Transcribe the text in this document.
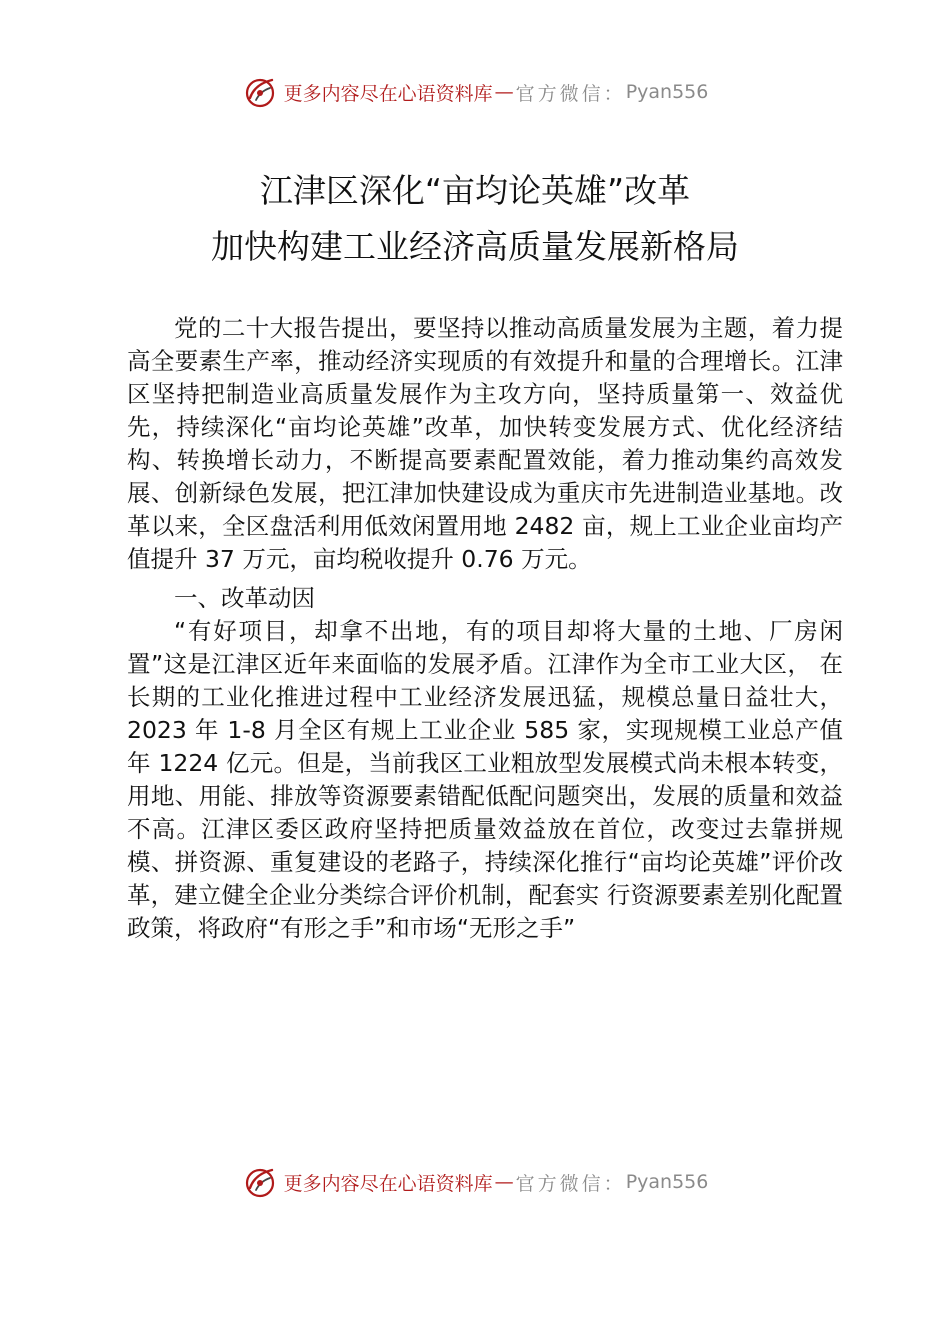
更多内容尽在心语资料库 — 官方微信： Pyan556
江津区深化“亩均论英雄”改革
加快构建工业经济高质量发展新格局

党的二十大报告提出，要坚持以推动高质量发展为主题，着力提高全要素生产率，推动经济实现质的有效提升和量的合理增长。江津区坚持把制造业高质量发展作为主攻方向，坚持质量第一、效益优先，持续深化“亩均论英雄”改革，加快转变发展方式、优化经济结构、转换增长动力，不断提高要素配置效能，着力推动集约高效发展、创新绿色发展，把江津加快建设成为重庆市先进制造业基地。改革以来，全区盘活利用低效闲置用地 2482 亩，规上工业企业亩均产值提升 37 万元，亩均税收提升 0.76 万元。

一、改革动因

“有好项目，却拿不出地，有的项目却将大量的土地、厂房闲置”这是江津区近年来面临的发展矛盾。江津作为全市工业大区， 在长期的工业化推进过程中工业经济发展迅猛，规模总量日益壮大，2023 年 1-8 月全区有规上工业企业 585 家，实现规模工业总产值年 1224 亿元。但是，当前我区工业粗放型发展模式尚未根本转变，用地、用能、排放等资源要素错配低配问题突出，发展的质量和效益不高。江津区委区政府坚持把质量效益放在首位，改变过去靠拼规模、拼资源、重复建设的老路子，持续深化推行“亩均论英雄”评价改革，建立健全企业分类综合评价机制，配套实 行资源要素差别化配置政策，将政府“有形之手”和市场“无形之手”

更多内容尽在心语资料库 — 官方微信： Pyan556
